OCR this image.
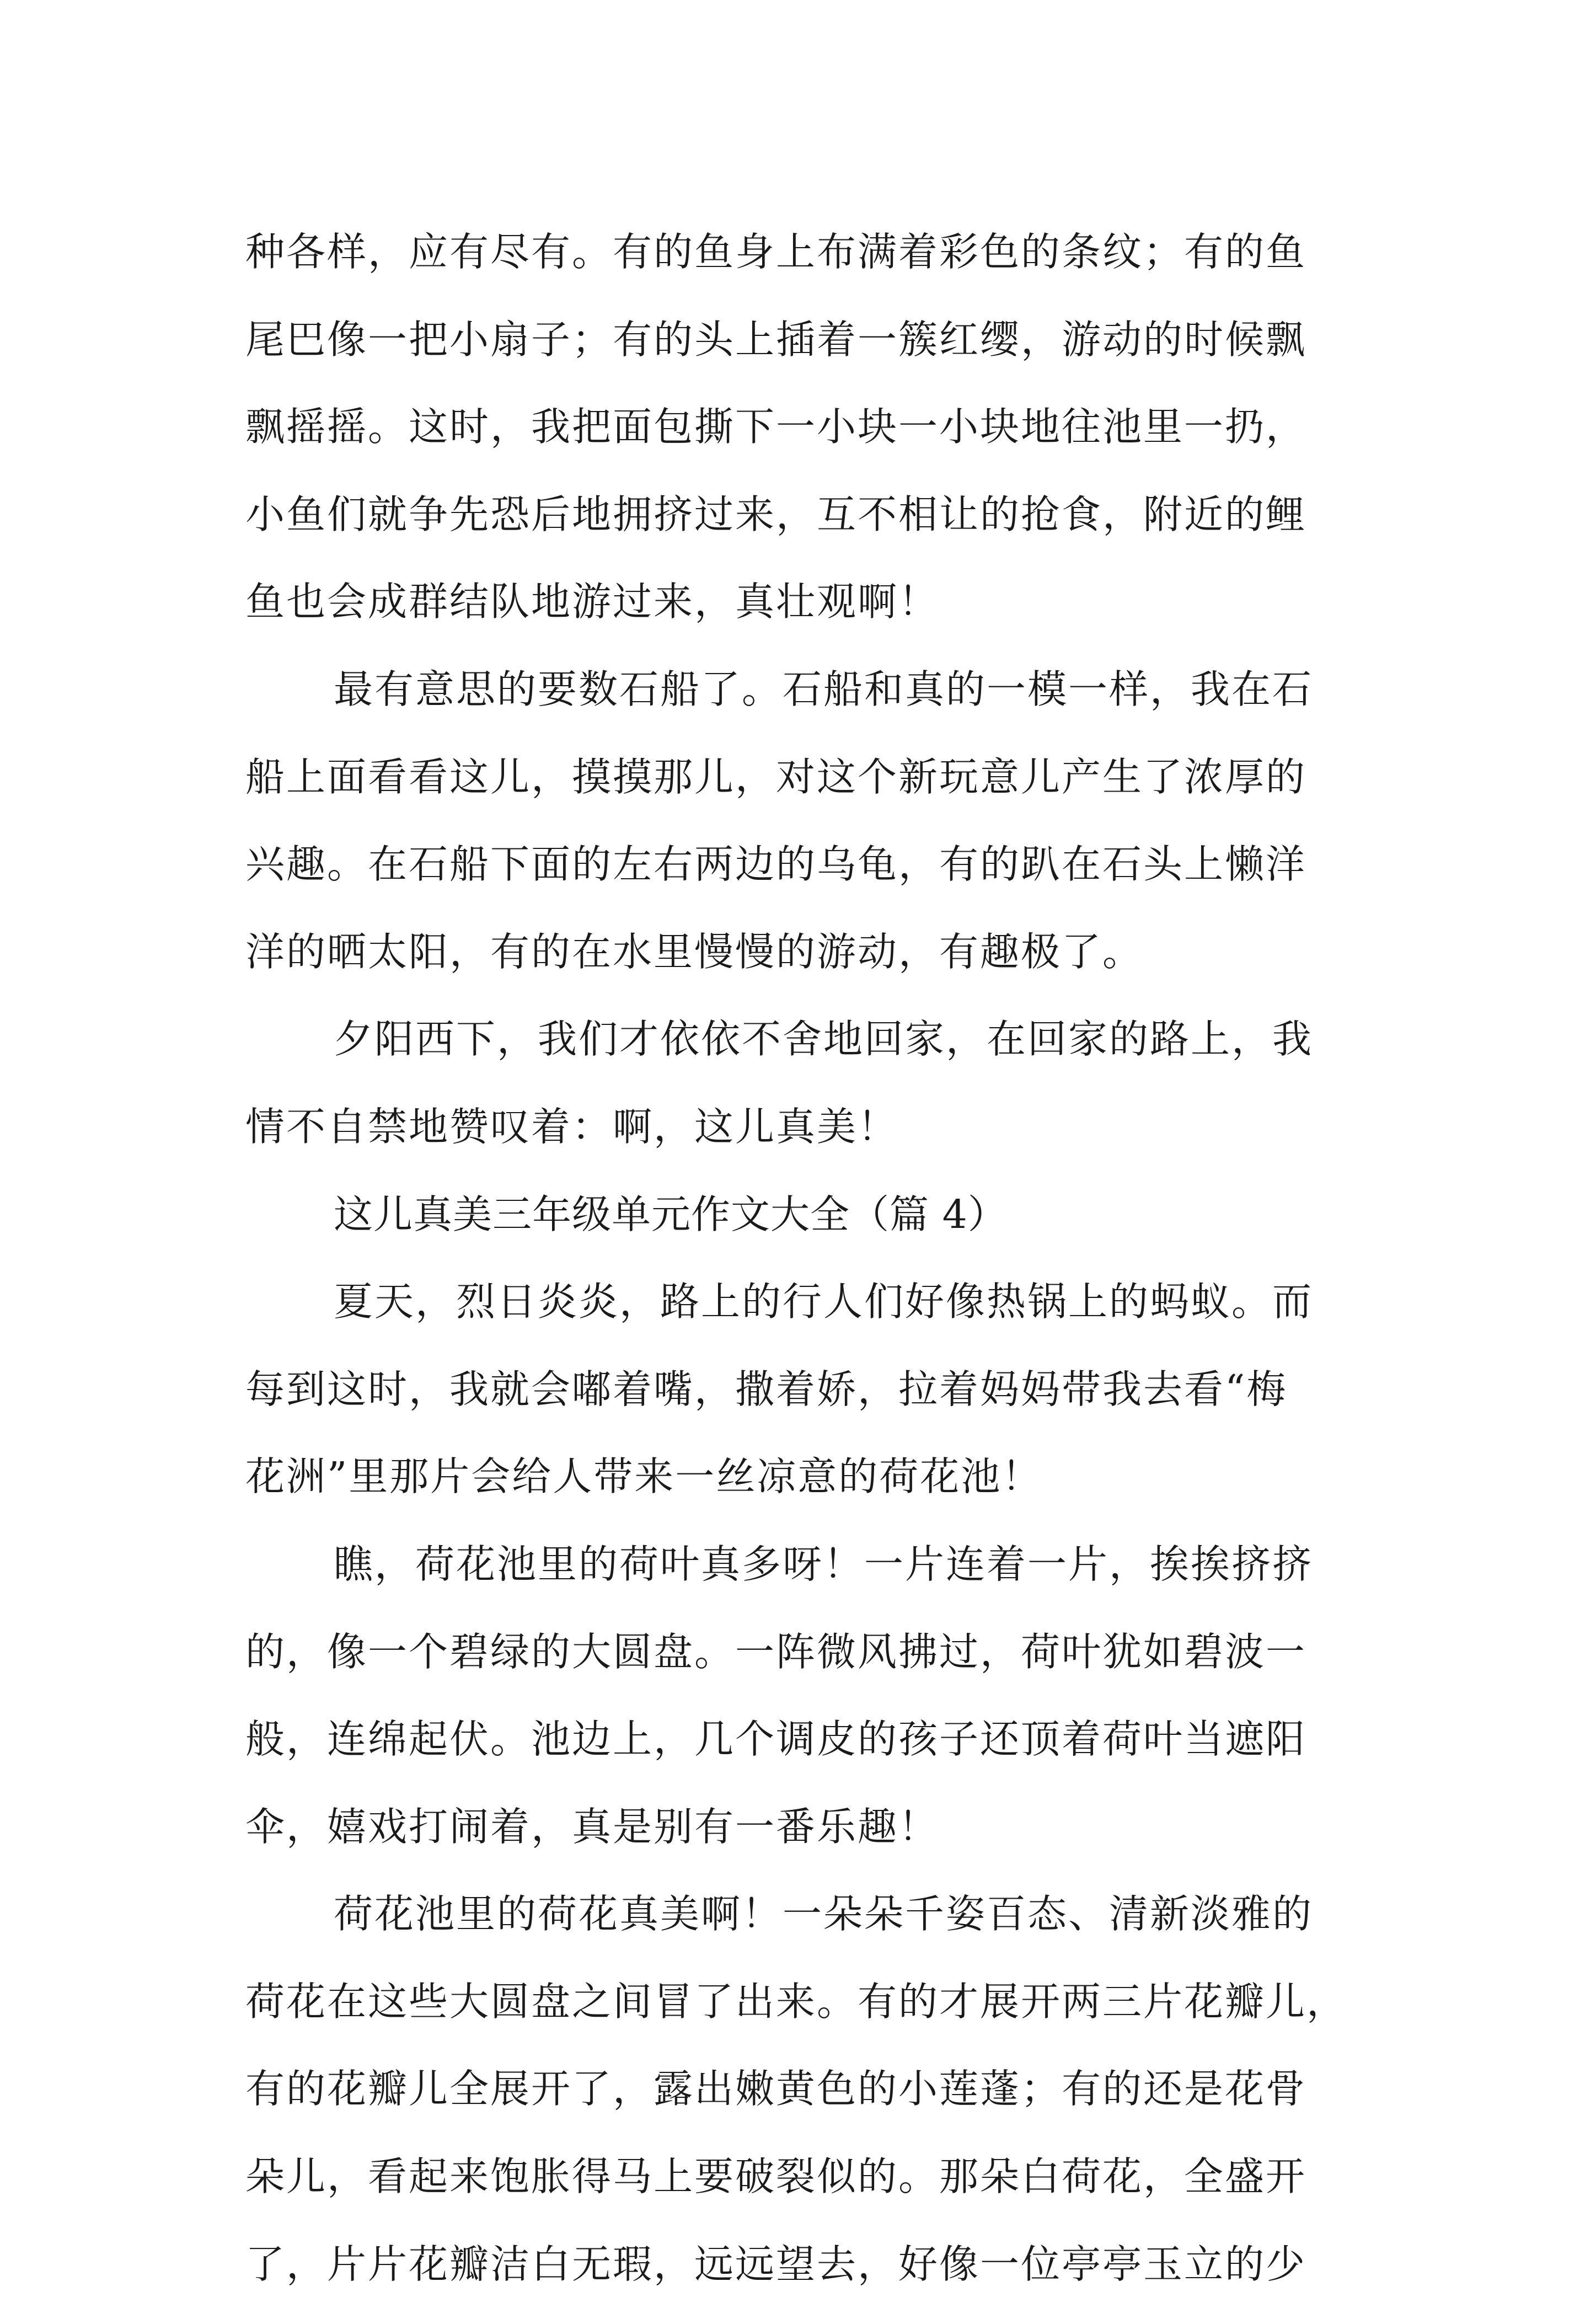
种各样，应有尽有。有的鱼身上布满着彩色的条纹；有的鱼
尾巴像一把小扇子；有的头上插着一簇红缨，游动的时候飘
飘摇摇。这时，我把面包撕下一小块一小块地往池里一扔，
小鱼们就争先恐后地拥挤过来，互不相让的抢食，附近的鲤
鱼也会成群结队地游过来，真壮观啊！
最有意思的要数石船了。石船和真的一模一样，我在石
船上面看看这儿，摸摸那儿，对这个新玩意儿产生了浓厚的
兴趣。在石船下面的左右两边的乌龟，有的趴在石头上懒洋
洋的晒太阳，有的在水里慢慢的游动，有趣极了。
夕阳西下，我们才依依不舍地回家，在回家的路上，我
情不自禁地赞叹着：啊，这儿真美！
这儿真美三年级单元作文大全（篇 4）
夏天，烈日炎炎，路上的行人们好像热锅上的蚂蚁。而
每到这时，我就会嘟着嘴，撒着娇，拉着妈妈带我去看“梅
花洲”里那片会给人带来一丝凉意的荷花池！
瞧，荷花池里的荷叶真多呀！一片连着一片，挨挨挤挤
的，像一个碧绿的大圆盘。一阵微风拂过，荷叶犹如碧波一
般，连绵起伏。池边上，几个调皮的孩子还顶着荷叶当遮阳
伞，嬉戏打闹着，真是别有一番乐趣！
荷花池里的荷花真美啊！一朵朵千姿百态、清新淡雅的
荷花在这些大圆盘之间冒了出来。有的才展开两三片花瓣儿，
有的花瓣儿全展开了，露出嫩黄色的小莲蓬；有的还是花骨
朵儿，看起来饱胀得马上要破裂似的。那朵白荷花，全盛开
了，片片花瓣洁白无瑕，远远望去，好像一位亭亭玉立的少
